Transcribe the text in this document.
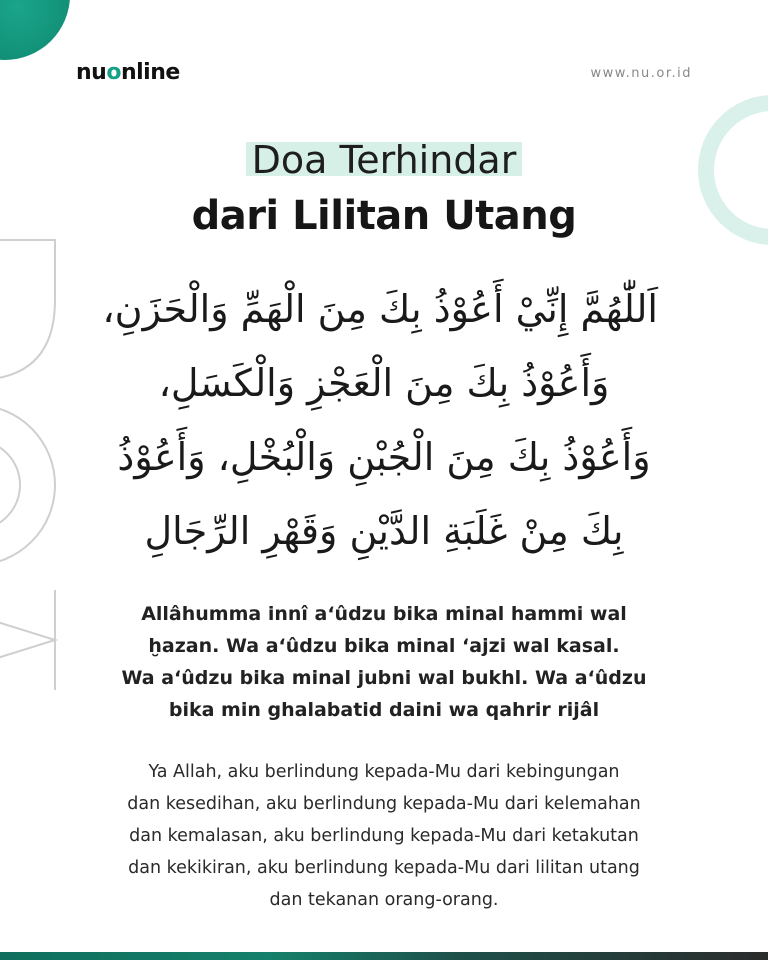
nuonline	www.nu.or.id
Doa Terhindar
dari Lilitan Utang
اَللّٰهُمَّ إِنِّيْ أَعُوْذُ بِكَ مِنَ الْهَمِّ وَالْحَزَنِ،
وَأَعُوْذُ بِكَ مِنَ الْعَجْزِ وَالْكَسَلِ،
وَأَعُوْذُ بِكَ مِنَ الْجُبْنِ وَالْبُخْلِ، وَأَعُوْذُ
بِكَ مِنْ غَلَبَةِ الدَّيْنِ وَقَهْرِ الرِّجَالِ
Allâhumma innî a‘ûdzu bika minal hammi wal
ḫazan. Wa a‘ûdzu bika minal ‘ajzi wal kasal.
Wa a‘ûdzu bika minal jubni wal bukhl. Wa a‘ûdzu
bika min ghalabatid daini wa qahrir rijâl
Ya Allah, aku berlindung kepada-Mu dari kebingungan
dan kesedihan, aku berlindung kepada-Mu dari kelemahan
dan kemalasan, aku berlindung kepada-Mu dari ketakutan
dan kekikiran, aku berlindung kepada-Mu dari lilitan utang
dan tekanan orang-orang.
